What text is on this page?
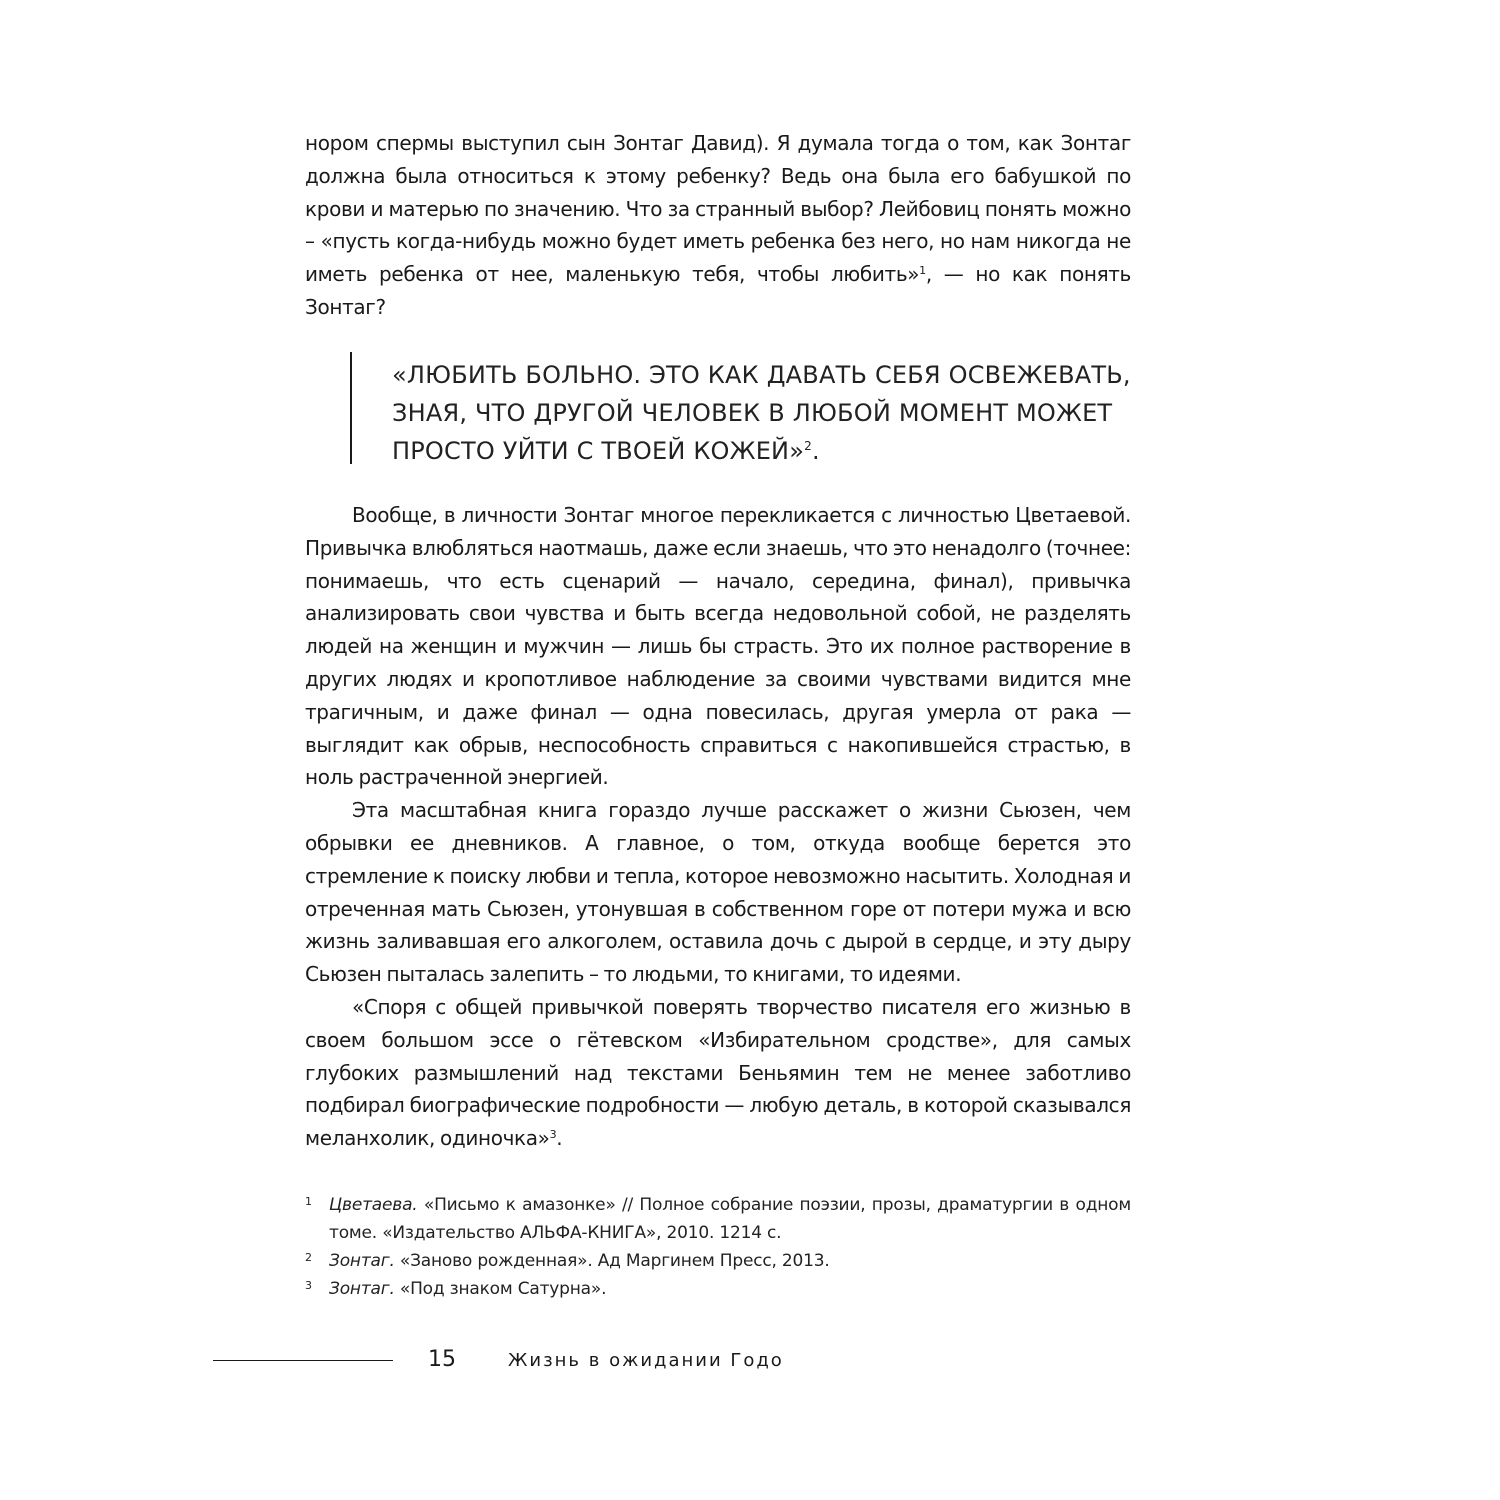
нором спермы выступил сын Зонтаг Давид). Я думала тогда о том, как Зонтаг должна была относиться к этому ребенку? Ведь она была его бабушкой по крови и матерью по значению. Что за странный выбор? Лейбовиц понять можно – «пусть когда-нибудь можно будет иметь ребенка без него, но нам никогда не иметь ребенка от нее, маленькую тебя, чтобы любить»$^1$, — но как понять Зонтаг?

«ЛЮБИТЬ БОЛЬНО. ЭТО КАК ДАВАТЬ СЕБЯ ОСВЕЖЕВАТЬ,
ЗНАЯ, ЧТО ДРУГОЙ ЧЕЛОВЕК В ЛЮБОЙ МОМЕНТ МОЖЕТ
ПРОСТО УЙТИ С ТВОЕЙ КОЖЕЙ»$^2$.

Вообще, в личности Зонтаг многое перекликается с личностью Цветаевой. Привычка влюбляться наотмашь, даже если знаешь, что это ненадолго (точнее: понимаешь, что есть сценарий — начало, середина, финал), привычка анализировать свои чувства и быть всегда недовольной собой, не разделять людей на женщин и мужчин — лишь бы страсть. Это их полное растворение в других людях и кропотливое наблюдение за своими чувствами видится мне трагичным, и даже финал — одна повесилась, другая умерла от рака — выглядит как обрыв, неспособность справиться с накопившейся страстью, в ноль растраченной энергией.

Эта масштабная книга гораздо лучше расскажет о жизни Сьюзен, чем обрывки ее дневников. А главное, о том, откуда вообще берется это стремление к поиску любви и тепла, которое невозможно насытить. Холодная и отреченная мать Сьюзен, утонувшая в собственном горе от потери мужа и всю жизнь заливавшая его алкоголем, оставила дочь с дырой в сердце, и эту дыру Сьюзен пыталась залепить – то людьми, то книгами, то идеями.

«Споря с общей привычкой поверять творчество писателя его жизнью в своем большом эссе о гётевском «Избирательном сродстве», для самых глубоких размышлений над текстами Беньямин тем не менее заботливо подбирал биографические подробности — любую деталь, в которой сказывался меланхолик, одиночка»$^3$.

1	Цветаева. «Письмо к амазонке» // Полное собрание поэзии, прозы, драматургии в одном томе. «Издательство АЛЬФА-КНИГА», 2010. 1214 с.
2	Зонтаг. «Заново рожденная». Ад Маргинем Пресс, 2013.
3	Зонтаг. «Под знаком Сатурна».
15	Жизнь в ожидании Годо
